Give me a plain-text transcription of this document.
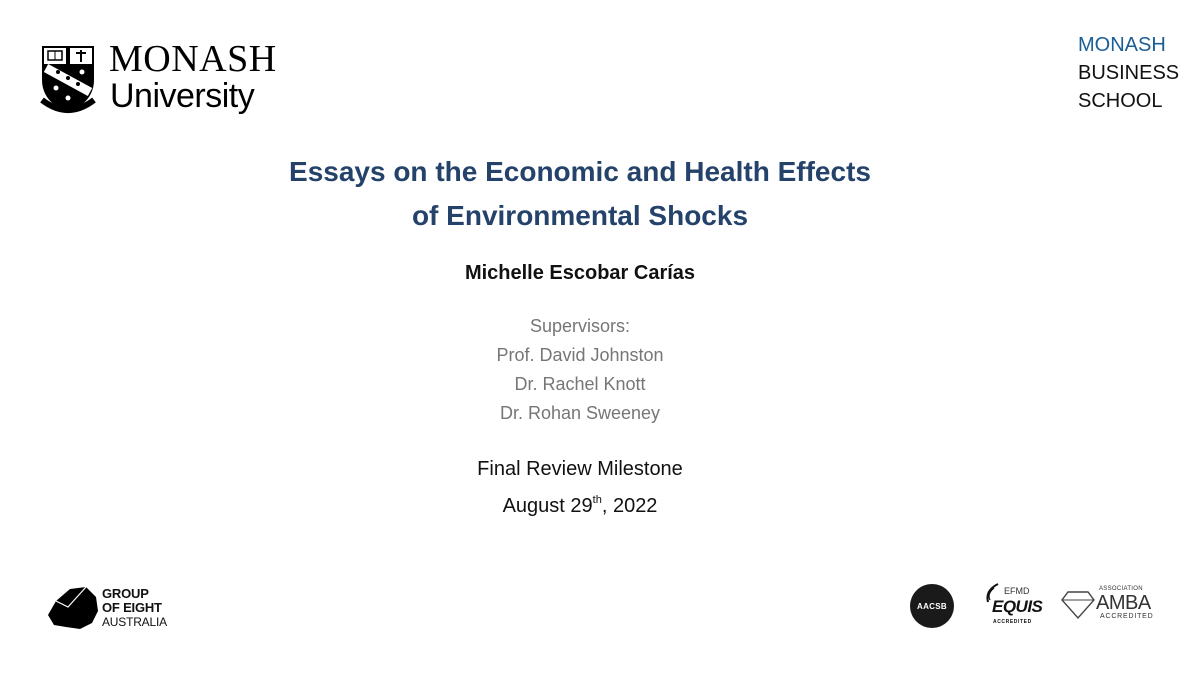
MONASH
University
MONASH
BUSINESS
SCHOOL
Essays on the Economic and Health Effects
of Environmental Shocks
Michelle Escobar Carías
Supervisors:
Prof. David Johnston
Dr. Rachel Knott
Dr. Rohan Sweeney
Final Review Milestone
August 29th, 2022
GROUP
OF EIGHT
AUSTRALIA
AACSB
EFMD
EQUIS
ACCREDITED
ASSOCIATION
AMBA
ACCREDITED
